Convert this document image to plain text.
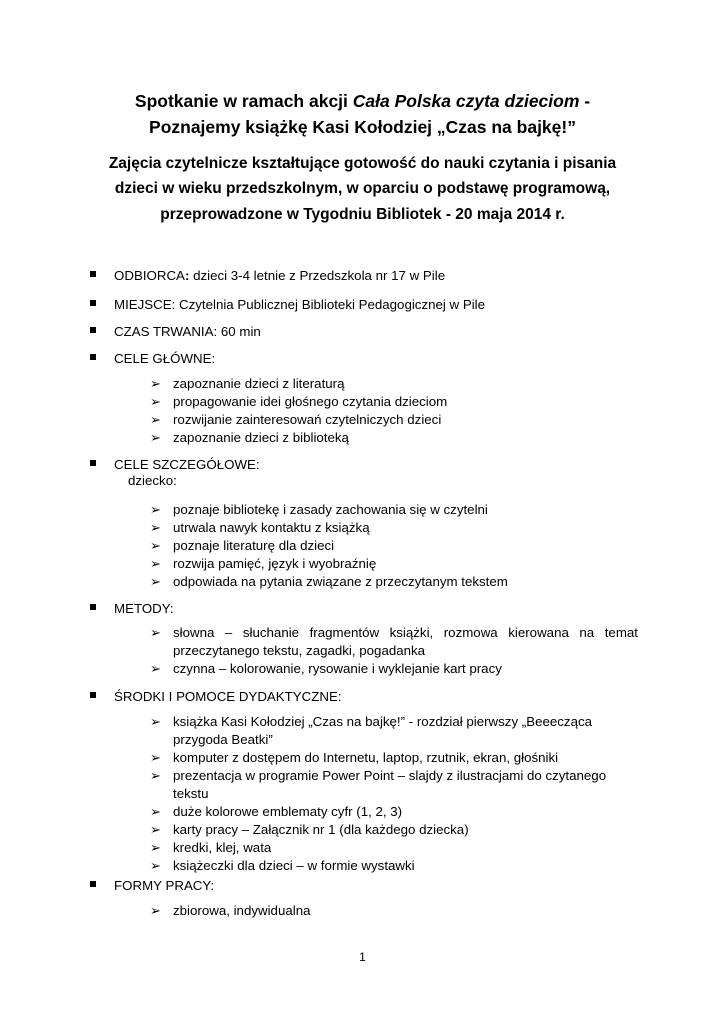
Spotkanie w ramach akcji Cała Polska czyta dzieciom -
Poznajemy książkę Kasi Kołodziej „Czas na bajkę!”
Zajęcia czytelnicze kształtujące gotowość do nauki czytania i pisania
dzieci w wieku przedszkolnym, w oparciu o podstawę programową,
przeprowadzone w Tygodniu Bibliotek - 20 maja 2014 r.
ODBIORCA: dzieci 3-4 letnie z Przedszkola nr 17 w Pile
MIEJSCE: Czytelnia Publicznej Biblioteki Pedagogicznej w Pile
CZAS TRWANIA: 60 min
CELE GŁÓWNE:
➢ zapoznanie dzieci z literaturą
➢ propagowanie idei głośnego czytania dzieciom
➢ rozwijanie zainteresowań czytelniczych dzieci
➢ zapoznanie dzieci z biblioteką
CELE SZCZEGÓŁOWE:
dziecko:
➢ poznaje bibliotekę i zasady zachowania się w czytelni
➢ utrwala nawyk kontaktu z książką
➢ poznaje literaturę dla dzieci
➢ rozwija pamięć, język i wyobraźnię
➢ odpowiada na pytania związane z przeczytanym tekstem
METODY:
➢ słowna – słuchanie fragmentów książki, rozmowa kierowana na temat przeczytanego tekstu, zagadki, pogadanka
➢ czynna – kolorowanie, rysowanie i wyklejanie kart pracy
ŚRODKI I POMOCE DYDAKTYCZNE:
➢ książka Kasi Kołodziej „Czas na bajkę!” - rozdział pierwszy „Beeecząca przygoda Beatki”
➢ komputer z dostępem do Internetu, laptop, rzutnik, ekran, głośniki
➢ prezentacja w programie Power Point – slajdy z ilustracjami do czytanego tekstu
➢ duże kolorowe emblematy cyfr (1, 2, 3)
➢ karty pracy – Załącznik nr 1 (dla każdego dziecka)
➢ kredki, klej, wata
➢ książeczki dla dzieci – w formie wystawki
FORMY PRACY:
➢ zbiorowa, indywidualna
1
